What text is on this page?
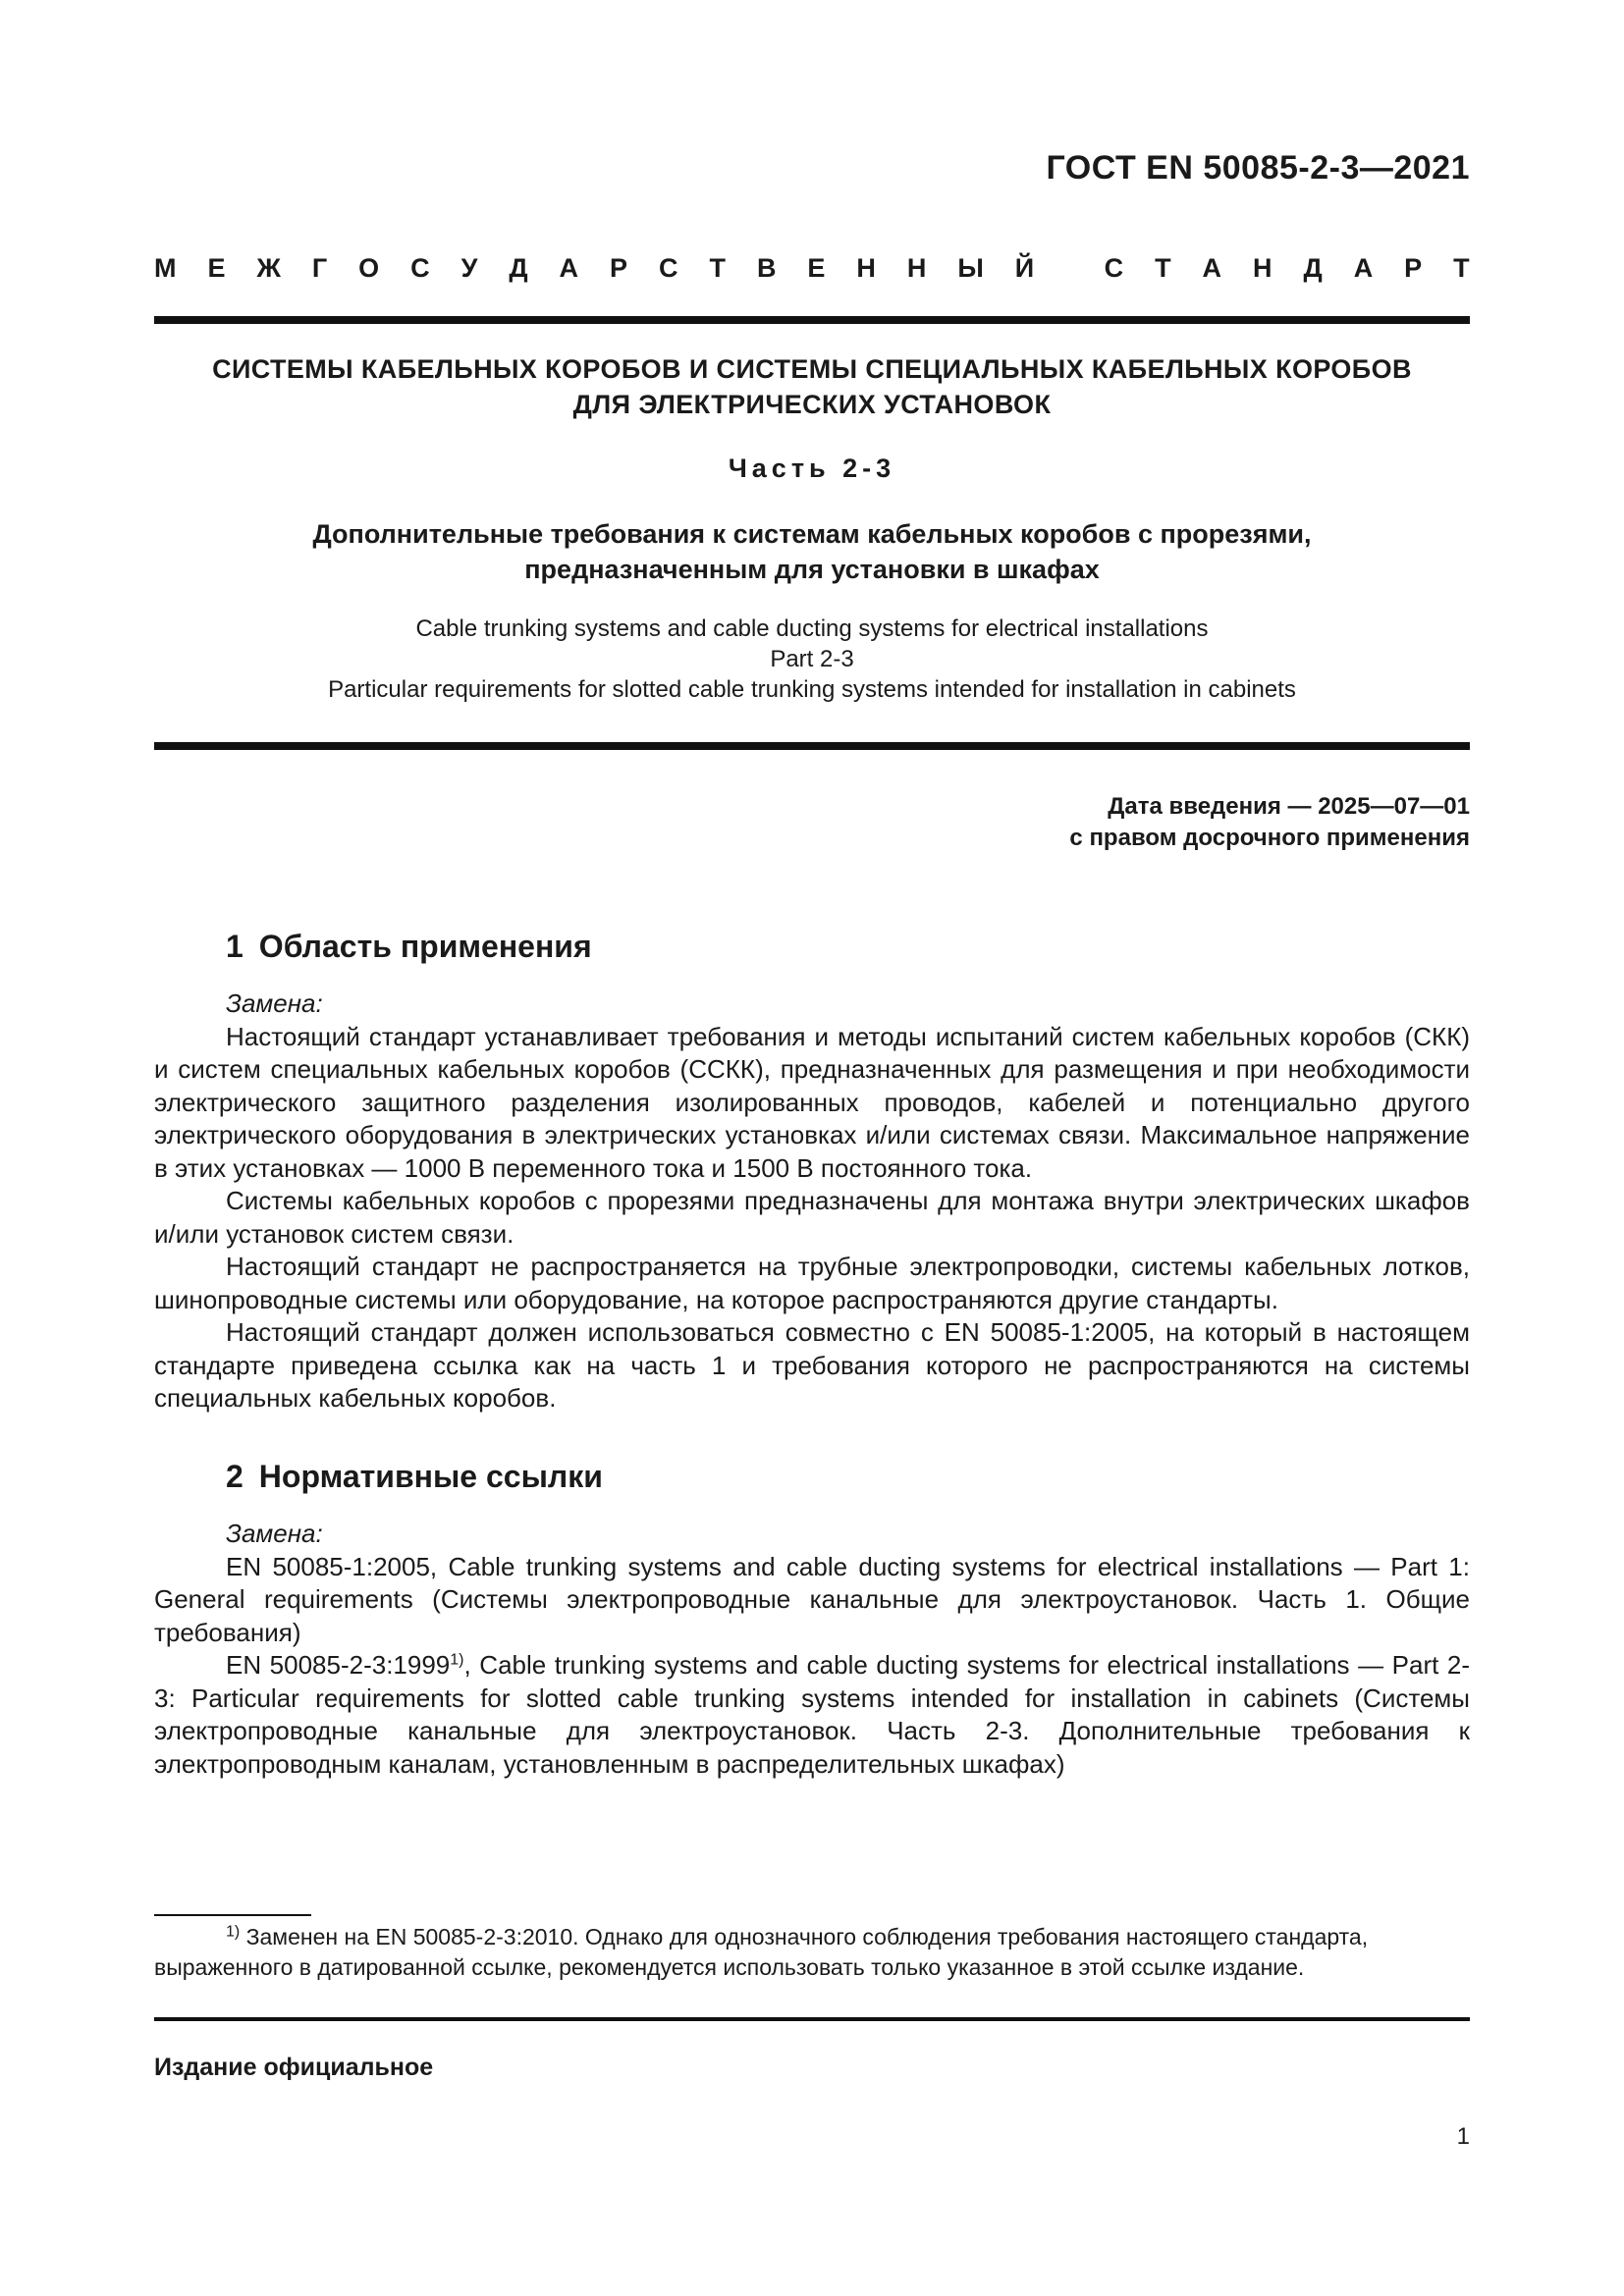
ГОСТ EN 50085-2-3—2021
М Е Ж Г О С У Д А Р С Т В Е Н Н Ы Й
	С Т А Н Д А Р Т
СИСТЕМЫ КАБЕЛЬНЫХ КОРОБОВ И СИСТЕМЫ СПЕЦИАЛЬНЫХ КАБЕЛЬНЫХ КОРОБОВ
ДЛЯ ЭЛЕКТРИЧЕСКИХ УСТАНОВОК
Часть 2-3
Дополнительные требования к системам кабельных коробов с прорезями,
предназначенным для установки в шкафах
Cable trunking systems and cable ducting systems for electrical installations
Part 2-3
Particular requirements for slotted cable trunking systems intended for installation in cabinets
Дата введения — 2025—07—01
с правом досрочного применения
1 Область применения

Замена:

Настоящий стандарт устанавливает требования и методы испытаний систем кабельных коробов (СКК) и систем специальных кабельных коробов (ССКК), предназначенных для размещения и при необходимости электрического защитного разделения изолированных проводов, кабелей и потенциально другого электрического оборудования в электрических установках и/или системах связи. Максимальное напряжение в этих установках — 1000 В переменного тока и 1500 В постоянного тока.

Системы кабельных коробов с прорезями предназначены для монтажа внутри электрических шкафов и/или установок систем связи.

Настоящий стандарт не распространяется на трубные электропроводки, системы кабельных лотков, шинопроводные системы или оборудование, на которое распространяются другие стандарты.

Настоящий стандарт должен использоваться совместно с EN 50085-1:2005, на который в настоящем стандарте приведена ссылка как на часть 1 и требования которого не распространяются на системы специальных кабельных коробов.

2 Нормативные ссылки

Замена:

EN 50085-1:2005, Cable trunking systems and cable ducting systems for electrical installations — Part 1: General requirements (Системы электропроводные канальные для электроустановок. Часть 1. Общие требования)

EN 50085-2-3:1999$^{1)}$, Cable trunking systems and cable ducting systems for electrical installations — Part 2-3: Particular requirements for slotted cable trunking systems intended for installation in cabinets (Системы электропроводные канальные для электроустановок. Часть 2-3. Дополнительные требования к электропроводным каналам, установленным в распределительных шкафах)

$^{1)}$ Заменен на EN 50085-2-3:2010. Однако для однозначного соблюдения требования настоящего стандарта, выраженного в датированной ссылке, рекомендуется использовать только указанное в этой ссылке издание.

Издание официальное
1
